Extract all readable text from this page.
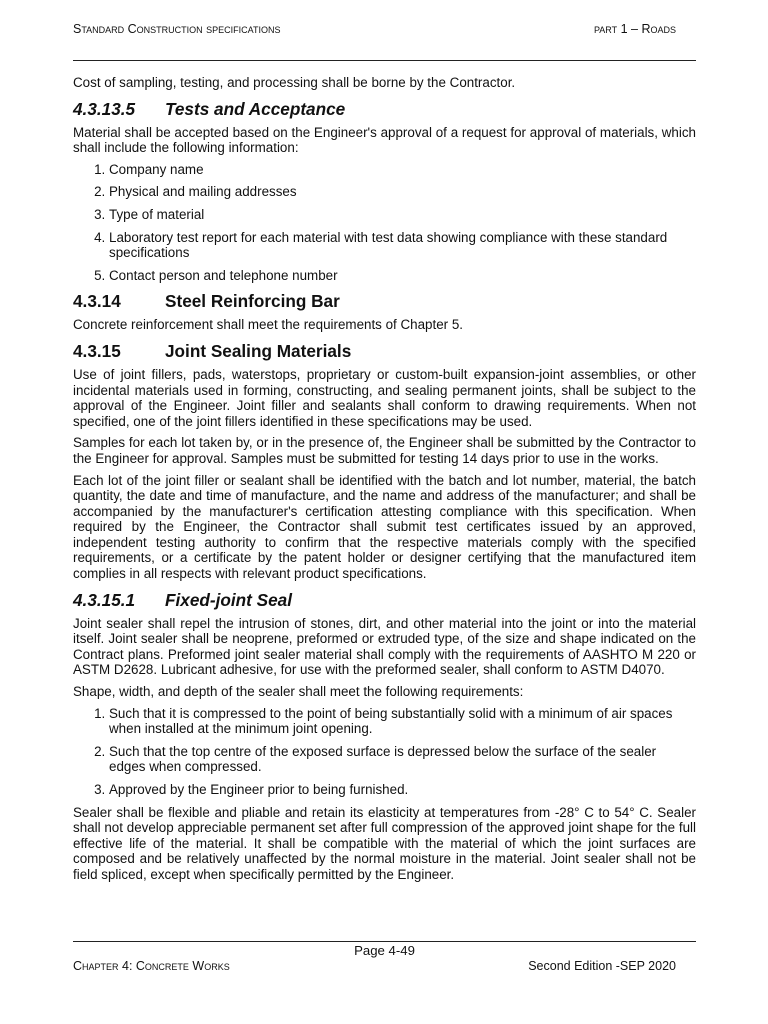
Standard Construction specifications	part 1 – Roads

Cost of sampling, testing, and processing shall be borne by the Contractor.

4.3.13.5 Tests and Acceptance

Material shall be accepted based on the Engineer's approval of a request for approval of materials, which shall include the following information:

1. Company name
2. Physical and mailing addresses
3. Type of material
4. Laboratory test report for each material with test data showing compliance with these standard specifications
5. Contact person and telephone number
4.3.14	Steel Reinforcing Bar

Concrete reinforcement shall meet the requirements of Chapter 5.

4.3.15	Joint Sealing Materials

Use of joint fillers, pads, waterstops, proprietary or custom-built expansion-joint assemblies, or other incidental materials used in forming, constructing, and sealing permanent joints, shall be subject to the approval of the Engineer. Joint filler and sealants shall conform to drawing requirements. When not specified, one of the joint fillers identified in these specifications may be used.

Samples for each lot taken by, or in the presence of, the Engineer shall be submitted by the Contractor to the Engineer for approval. Samples must be submitted for testing 14 days prior to use in the works.

Each lot of the joint filler or sealant shall be identified with the batch and lot number, material, the batch quantity, the date and time of manufacture, and the name and address of the manufacturer; and shall be accompanied by the manufacturer's certification attesting compliance with this specification. When required by the Engineer, the Contractor shall submit test certificates issued by an approved, independent testing authority to confirm that the respective materials comply with the specified requirements, or a certificate by the patent holder or designer certifying that the manufactured item complies in all respects with relevant product specifications.

4.3.15.1 Fixed-joint Seal

Joint sealer shall repel the intrusion of stones, dirt, and other material into the joint or into the material itself. Joint sealer shall be neoprene, preformed or extruded type, of the size and shape indicated on the Contract plans. Preformed joint sealer material shall comply with the requirements of AASHTO M 220 or ASTM D2628. Lubricant adhesive, for use with the preformed sealer, shall conform to ASTM D4070.

Shape, width, and depth of the sealer shall meet the following requirements:

1. Such that it is compressed to the point of being substantially solid with a minimum of air spaces when installed at the minimum joint opening.
2. Such that the top centre of the exposed surface is depressed below the surface of the sealer edges when compressed.
3. Approved by the Engineer prior to being furnished.

Sealer shall be flexible and pliable and retain its elasticity at temperatures from -28° C to 54° C. Sealer shall not develop appreciable permanent set after full compression of the approved joint shape for the full effective life of the material. It shall be compatible with the material of which the joint surfaces are composed and be relatively unaffected by the normal moisture in the material. Joint sealer shall not be field spliced, except when specifically permitted by the Engineer.

Page 4-49
Chapter 4: Concrete Works	Second Edition -SEP 2020
